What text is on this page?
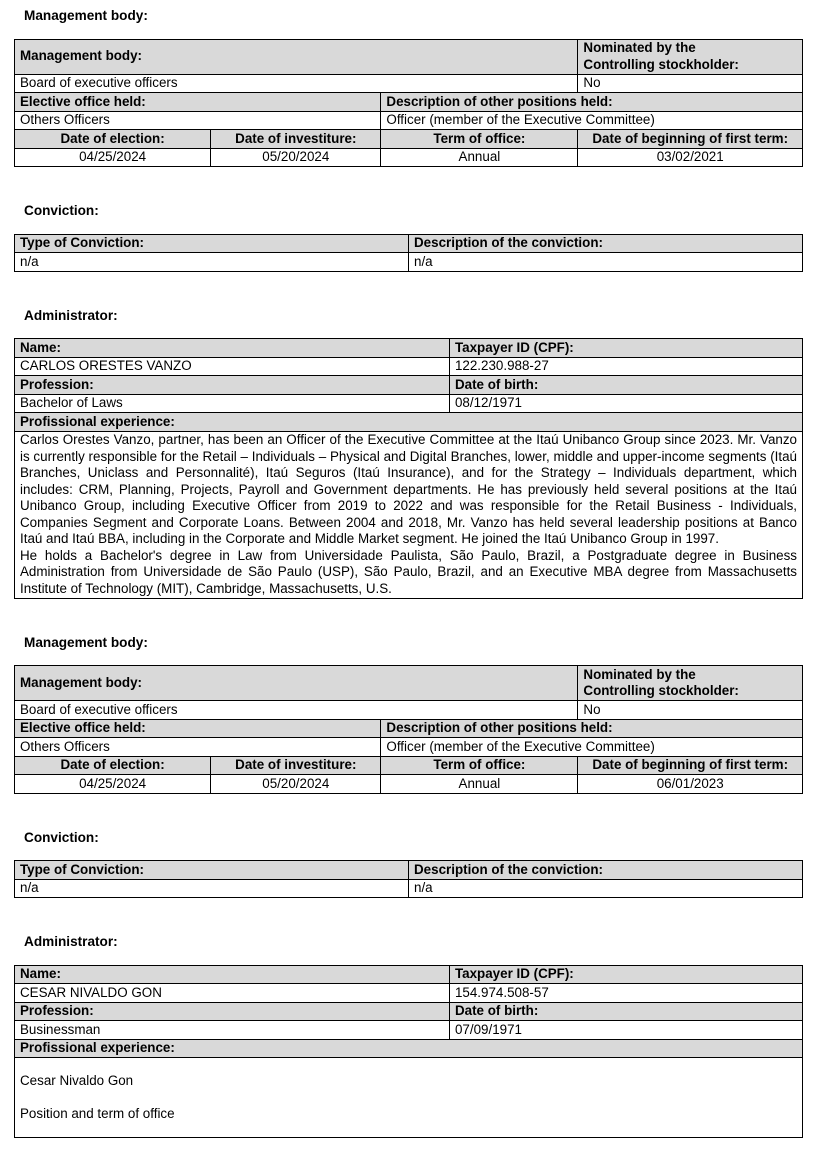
Management body:
Management body:			Nominated by the
Controlling stockholder:
Board of executive officers			No
Elective office held:		Description of other positions held:	
Others Officers		Officer (member of the Executive Committee)	
Date of election:	Date of investiture:	Term of office:	Date of beginning of first term:
04/25/2024	05/20/2024	Annual	03/02/2021
Conviction:
Type of Conviction:	Description of the conviction:
n/a	n/a
Administrator:
Name:	Taxpayer ID (CPF):
CARLOS ORESTES VANZO	122.230.988-27
Profession:	Date of birth:
Bachelor of Laws	08/12/1971
Profissional experience:	

Carlos Orestes Vanzo, partner, has been an Officer of the Executive Committee at the Itaú Unibanco Group since 2023. Mr. Vanzo is currently responsible for the Retail – Individuals – Physical and Digital Branches, lower, middle and upper-income segments (Itaú Branches, Uniclass and Personnalité), Itaú Seguros (Itaú Insurance), and for the Strategy – Individuals department, which includes: CRM, Planning, Projects, Payroll and Government departments. He has previously held several positions at the Itaú Unibanco Group, including Executive Officer from 2019 to 2022 and was responsible for the Retail Business - Individuals, Companies Segment and Corporate Loans. Between 2004 and 2018, Mr. Vanzo has held several leadership positions at Banco Itaú and Itaú BBA, including in the Corporate and Middle Market segment. He joined the Itaú Unibanco Group in 1997.
He holds a Bachelor's degree in Law from Universidade Paulista, São Paulo, Brazil, a Postgraduate degree in Business Administration from Universidade de São Paulo (USP), São Paulo, Brazil, and an Executive MBA degree from Massachusetts Institute of Technology (MIT), Cambridge, Massachusetts, U.S.	
Management body:
Management body:			Nominated by the
Controlling stockholder:
Board of executive officers			No
Elective office held:		Description of other positions held:	
Others Officers		Officer (member of the Executive Committee)	
Date of election:	Date of investiture:	Term of office:	Date of beginning of first term:
04/25/2024	05/20/2024	Annual	06/01/2023
Conviction:
Type of Conviction:	Description of the conviction:
n/a	n/a
Administrator:
Name:	Taxpayer ID (CPF):
CESAR NIVALDO GON	154.974.508-57
Profession:	Date of birth:
Businessman	07/09/1971
Profissional experience:	

Cesar Nivaldo Gon
Position and term of office	
